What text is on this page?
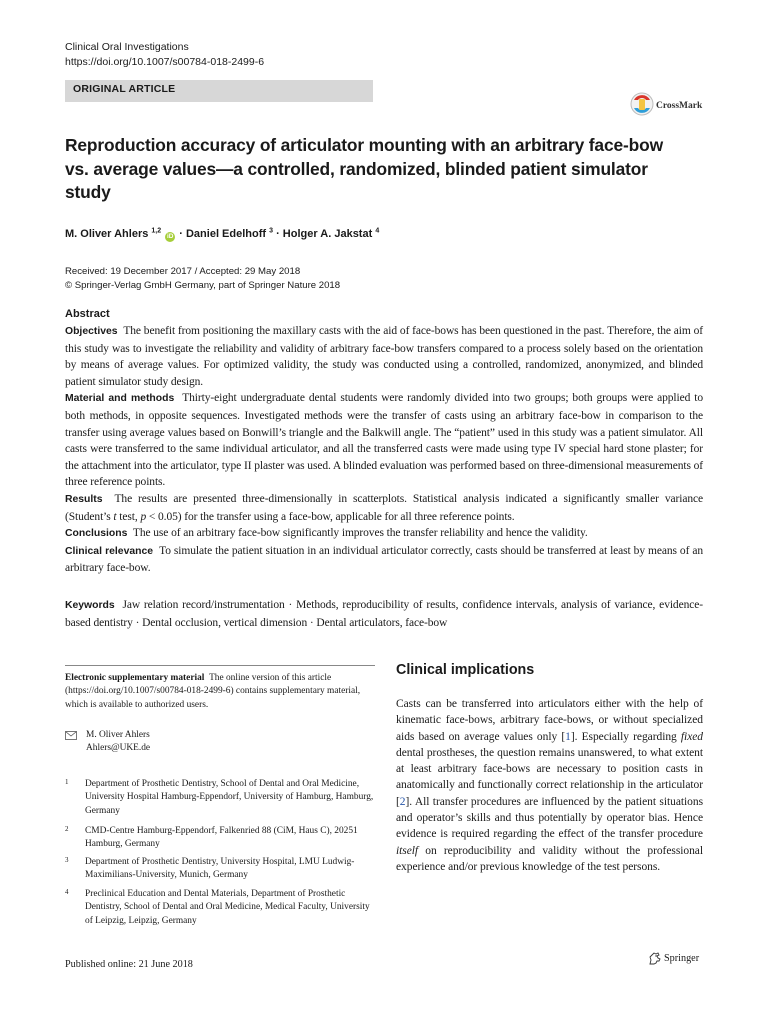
Clinical Oral Investigations
https://doi.org/10.1007/s00784-018-2499-6
ORIGINAL ARTICLE
CrossMark
Reproduction accuracy of articulator mounting with an arbitrary face-bow vs. average values—a controlled, randomized, blinded patient simulator study
M. Oliver Ahlers $^{1,2}$ iD · Daniel Edelhoff $^3$ · Holger A. Jakstat $^4$
Received: 19 December 2017 / Accepted: 29 May 2018
© Springer-Verlag GmbH Germany, part of Springer Nature 2018
Abstract
Objectives The benefit from positioning the maxillary casts with the aid of face-bows has been questioned in the past. Therefore, the aim of this study was to investigate the reliability and validity of arbitrary face-bow transfers compared to a process solely based on the orientation by means of average values. For optimized validity, the study was conducted using a controlled, randomized, anonymized, and blinded patient simulator study design.
Material and methods Thirty-eight undergraduate dental students were randomly divided into two groups; both groups were applied to both methods, in opposite sequences. Investigated methods were the transfer of casts using an arbitrary face-bow in comparison to the transfer using average values based on Bonwill’s triangle and the Balkwill angle. The “patient” used in this study was a patient simulator. All casts were transferred to the same individual articulator, and all the transferred casts were made using type IV special hard stone plaster; for the attachment into the articulator, type II plaster was used. A blinded evaluation was performed based on three-dimensional measurements of three reference points.
Results The results are presented three-dimensionally in scatterplots. Statistical analysis indicated a significantly smaller variance (Student’s t test, p < 0.05) for the transfer using a face-bow, applicable for all three reference points.
Conclusions The use of an arbitrary face-bow significantly improves the transfer reliability and hence the validity.
Clinical relevance To simulate the patient situation in an individual articulator correctly, casts should be transferred at least by means of an arbitrary face-bow.
Keywords Jaw relation record/instrumentation · Methods, reproducibility of results, confidence intervals, analysis of variance, evidence-based dentistry · Dental occlusion, vertical dimension · Dental articulators, face-bow
Electronic supplementary material The online version of this article (https://doi.org/10.1007/s00784-018-2499-6) contains supplementary material, which is available to authorized users.
M. Oliver Ahlers
Ahlers@UKE.de
1 Department of Prosthetic Dentistry, School of Dental and Oral Medicine, University Hospital Hamburg-Eppendorf, University of Hamburg, Hamburg, Germany
2 CMD-Centre Hamburg-Eppendorf, Falkenried 88 (CiM, Haus C), 20251 Hamburg, Germany
3 Department of Prosthetic Dentistry, University Hospital, LMU Ludwig-Maximilians-University, Munich, Germany
4 Preclinical Education and Dental Materials, Department of Prosthetic Dentistry, School of Dental and Oral Medicine, Medical Faculty, University of Leipzig, Leipzig, Germany
Published online: 21 June 2018
Clinical implications
Casts can be transferred into articulators either with the help of kinematic face-bows, arbitrary face-bows, or without specialized aids based on average values only [1]. Especially regarding fixed dental prostheses, the question remains unanswered, to what extent at least arbitrary face-bows are necessary to position casts in anatomically and functionally correct relationship in the articulator [2]. All transfer procedures are influenced by the patient situations and operator’s skills and thus potentially by operator bias. Hence evidence is required regarding the effect of the transfer procedure itself on reproducibility and validity without the professional experience and/or previous knowledge of the test persons.
Springer
